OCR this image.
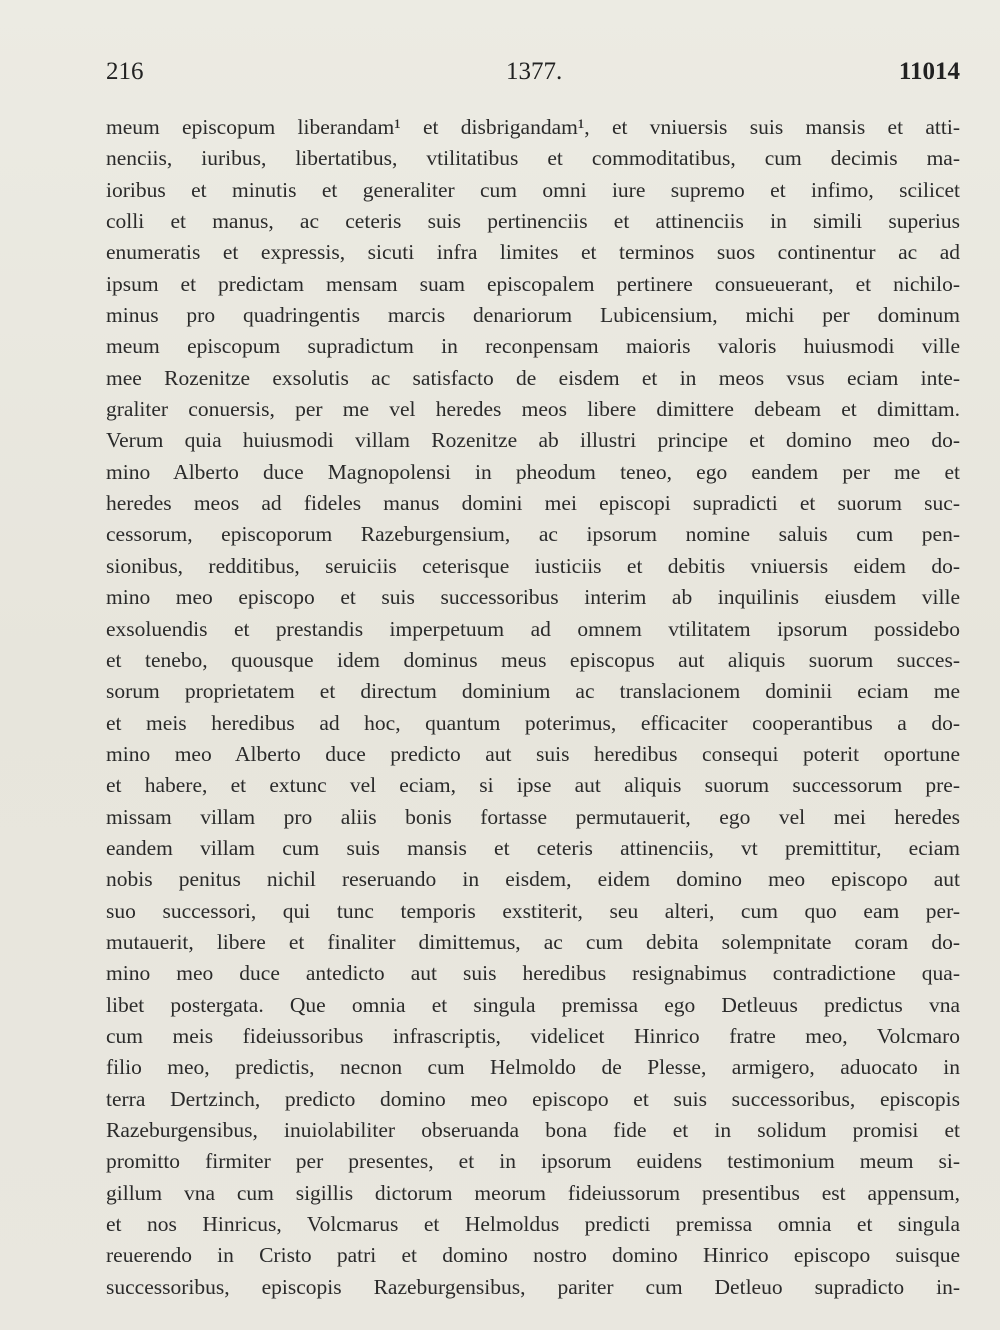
216	1377.	11014
meum episcopum liberandam¹ et disbrigandam¹, et vniuersis suis mansis et atti-
nenciis, iuribus, libertatibus, vtilitatibus et commoditatibus, cum decimis ma-
ioribus et minutis et generaliter cum omni iure supremo et infimo, scilicet
colli et manus, ac ceteris suis pertinenciis et attinenciis in simili superius
enumeratis et expressis, sicuti infra limites et terminos suos continentur ac ad
ipsum et predictam mensam suam episcopalem pertinere consueuerant, et nichilo-
minus pro quadringentis marcis denariorum Lubicensium, michi per dominum
meum episcopum supradictum in reconpensam maioris valoris huiusmodi ville
mee Rozenitze exsolutis ac satisfacto de eisdem et in meos vsus eciam inte-
graliter conuersis, per me vel heredes meos libere dimittere debeam et dimittam.
Verum quia huiusmodi villam Rozenitze ab illustri principe et domino meo do-
mino Alberto duce Magnopolensi in pheodum teneo, ego eandem per me et
heredes meos ad fideles manus domini mei episcopi supradicti et suorum suc-
cessorum, episcoporum Razeburgensium, ac ipsorum nomine saluis cum pen-
sionibus, redditibus, seruiciis ceterisque iusticiis et debitis vniuersis eidem do-
mino meo episcopo et suis successoribus interim ab inquilinis eiusdem ville
exsoluendis et prestandis imperpetuum ad omnem vtilitatem ipsorum possidebo
et tenebo, quousque idem dominus meus episcopus aut aliquis suorum succes-
sorum proprietatem et directum dominium ac translacionem dominii eciam me
et meis heredibus ad hoc, quantum poterimus, efficaciter cooperantibus a do-
mino meo Alberto duce predicto aut suis heredibus consequi poterit oportune
et habere, et extunc vel eciam, si ipse aut aliquis suorum successorum pre-
missam villam pro aliis bonis fortasse permutauerit, ego vel mei heredes
eandem villam cum suis mansis et ceteris attinenciis, vt premittitur, eciam
nobis penitus nichil reseruando in eisdem, eidem domino meo episcopo aut
suo successori, qui tunc temporis exstiterit, seu alteri, cum quo eam per-
mutauerit, libere et finaliter dimittemus, ac cum debita solempnitate coram do-
mino meo duce antedicto aut suis heredibus resignabimus contradictione qua-
libet postergata. Que omnia et singula premissa ego Detleuus predictus vna
cum meis fideiussoribus infrascriptis, videlicet Hinrico fratre meo, Volcmaro
filio meo, predictis, necnon cum Helmoldo de Plesse, armigero, aduocato in
terra Dertzinch, predicto domino meo episcopo et suis successoribus, episcopis
Razeburgensibus, inuiolabiliter obseruanda bona fide et in solidum promisi et
promitto firmiter per presentes, et in ipsorum euidens testimonium meum si-
gillum vna cum sigillis dictorum meorum fideiussorum presentibus est appensum,
et nos Hinricus, Volcmarus et Helmoldus predicti premissa omnia et singula
reuerendo in Cristo patri et domino nostro domino Hinrico episcopo suisque
successoribus, episcopis Razeburgensibus, pariter cum Detleuo supradicto in-
